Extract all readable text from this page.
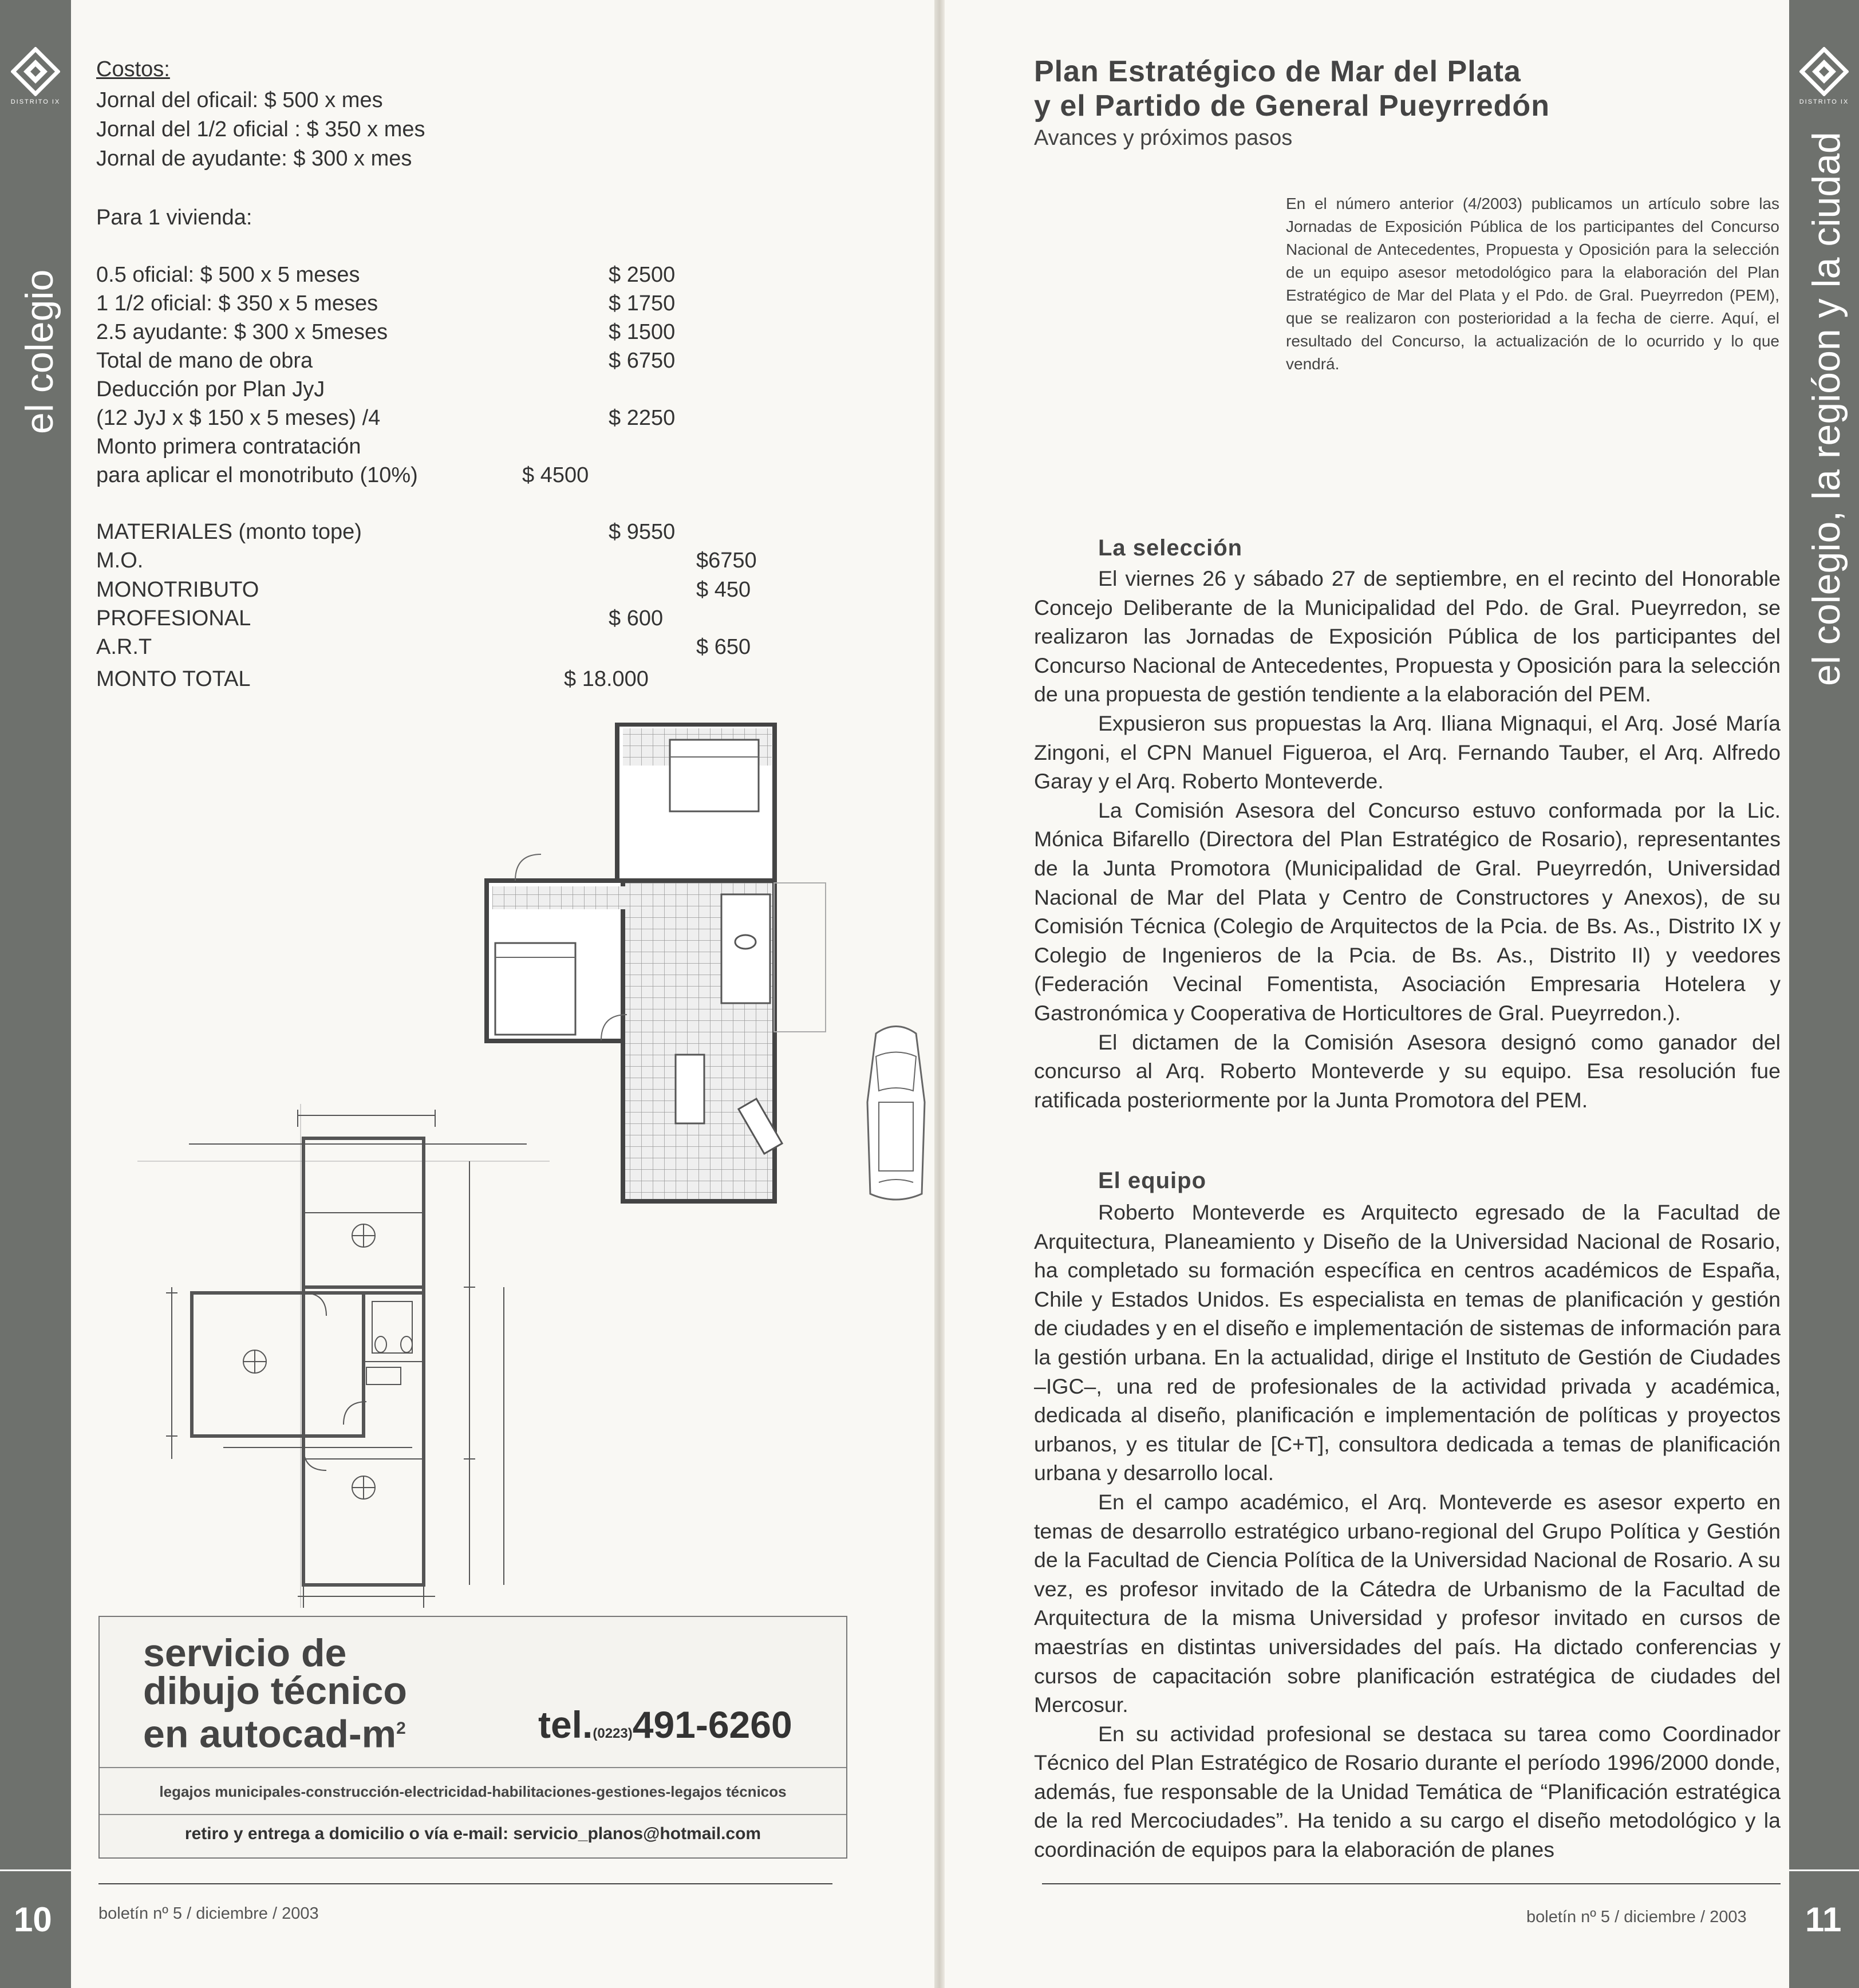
DISTRITO IX
el colegio
10
Costos:
Jornal del oficail: $ 500 x mes
Jornal del 1/2 oficial : $ 350 x mes
Jornal de ayudante: $ 300 x mes
Para 1 vivienda:
0.5 oficial: $ 500 x 5 meses	$ 2500
1 1/2 oficial: $ 350 x 5 meses	$ 1750
2.5 ayudante: $ 300 x 5meses	$ 1500
Total de mano de obra	$ 6750
Deducción por Plan JyJ
(12 JyJ x $ 150 x 5 meses) /4	$ 2250
Monto primera contratación
para aplicar el monotributo (10%)	$ 4500
MATERIALES (monto tope)	$ 9550
M.O.	$6750
MONOTRIBUTO	$ 450
PROFESIONAL	$ 600
A.R.T	$ 650
MONTO TOTAL	$ 18.000
servicio de
dibujo técnico
en autocad-$m^2$	tel.(0223)491-6260
legajos municipales-construcción-electricidad-habilitaciones-gestiones-legajos técnicos
retiro y entrega a domicilio o vía e-mail: servicio_planos@hotmail.com
boletín nº 5 / diciembre / 2003
DISTRITO IX
el colegio, la regióon y la ciudad
11
Plan Estratégico de Mar del Plata
y el Partido de General Pueyrredón
Avances y próximos pasos
En el número anterior (4/2003) publicamos un artículo sobre las Jornadas de Exposición Pública de los participantes del Concurso Nacional de Antecedentes, Propuesta y Oposición para la selección de un equipo asesor metodológico para la elaboración del Plan Estratégico de Mar del Plata y el Pdo. de Gral. Pueyrredon (PEM), que se realizaron con posterioridad a la fecha de cierre. Aquí, el resultado del Concurso, la actualización de lo ocurrido y lo que vendrá.
La selección

El viernes 26 y sábado 27 de septiembre, en el recinto del Honorable Concejo Deliberante de la Municipalidad del Pdo. de Gral. Pueyrredon, se realizaron las Jornadas de Exposición Pública de los participantes del Concurso Nacional de Antecedentes, Propuesta y Oposición para la selección de una propuesta de gestión tendiente a la elaboración del PEM.

Expusieron sus propuestas la Arq. Iliana Mignaqui, el Arq. José María Zingoni, el CPN Manuel Figueroa, el Arq. Fernando Tauber, el Arq. Alfredo Garay y el Arq. Roberto Monteverde.

La Comisión Asesora del Concurso estuvo conformada por la Lic. Mónica Bifarello (Directora del Plan Estratégico de Rosario), representantes de la Junta Promotora (Municipalidad de Gral. Pueyrredón, Universidad Nacional de Mar del Plata y Centro de Constructores y Anexos), de su Comisión Técnica (Colegio de Arquitectos de la Pcia. de Bs. As., Distrito IX y Colegio de Ingenieros de la Pcia. de Bs. As., Distrito II) y veedores (Federación Vecinal Fomentista, Asociación Empresaria Hotelera y Gastronómica y Cooperativa de Horticultores de Gral. Pueyrredon.).

El dictamen de la Comisión Asesora designó como ganador del concurso al Arq. Roberto Monteverde y su equipo. Esa resolución fue ratificada posteriormente por la Junta Promotora del PEM.

El equipo

Roberto Monteverde es Arquitecto egresado de la Facultad de Arquitectura, Planeamiento y Diseño de la Universidad Nacional de Rosario, ha completado su formación específica en centros académicos de España, Chile y Estados Unidos. Es especialista en temas de planificación y gestión de ciudades y en el diseño e implementación de sistemas de información para la gestión urbana. En la actualidad, dirige el Instituto de Gestión de Ciudades –IGC–, una red de profesionales de la actividad privada y académica, dedicada al diseño, planificación e implementación de políticas y proyectos urbanos, y es titular de [C+T], consultora dedicada a temas de planificación urbana y desarrollo local.

En el campo académico, el Arq. Monteverde es asesor experto en temas de desarrollo estratégico urbano-regional del Grupo Política y Gestión de la Facultad de Ciencia Política de la Universidad Nacional de Rosario. A su vez, es profesor invitado de la Cátedra de Urbanismo de la Facultad de Arquitectura de la misma Universidad y profesor invitado en cursos de maestrías en distintas universidades del país. Ha dictado conferencias y cursos de capacitación sobre planificación estratégica de ciudades del Mercosur.

En su actividad profesional se destaca su tarea como Coordinador Técnico del Plan Estratégico de Rosario durante el período 1996/2000 donde, además, fue responsable de la Unidad Temática de “Planificación estratégica de la red Mercociudades”. Ha tenido a su cargo el diseño metodológico y la coordinación de equipos para la elaboración de planes

boletín nº 5 / diciembre / 2003
